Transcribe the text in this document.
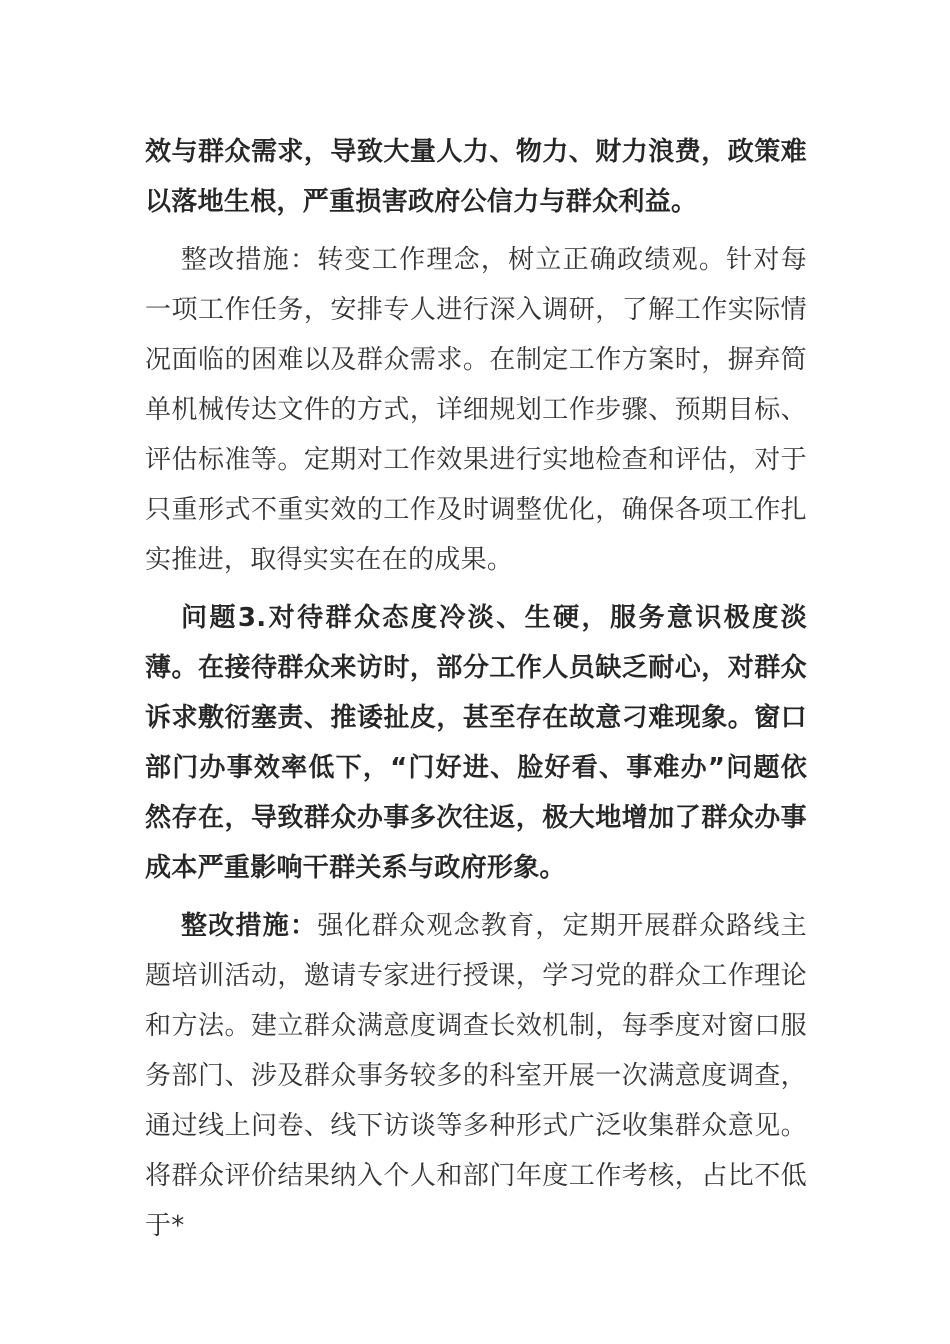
效与群众需求，导致大量人力、物力、财力浪费，政策难以落地生根，严重损害政府公信力与群众利益。

整改措施：转变工作理念，树立正确政绩观。针对每一项工作任务，安排专人进行深入调研，了解工作实际情况面临的困难以及群众需求。在制定工作方案时，摒弃简单机械传达文件的方式，详细规划工作步骤、预期目标、评估标准等。定期对工作效果进行实地检查和评估，对于只重形式不重实效的工作及时调整优化，确保各项工作扎实推进，取得实实在在的成果。

问题3.对待群众态度冷淡、生硬，服务意识极度淡薄。在接待群众来访时，部分工作人员缺乏耐心，对群众诉求敷衍塞责、推诿扯皮，甚至存在故意刁难现象。窗口部门办事效率低下，“门好进、脸好看、事难办”问题依然存在，导致群众办事多次往返，极大地增加了群众办事成本严重影响干群关系与政府形象。

整改措施：强化群众观念教育，定期开展群众路线主题培训活动，邀请专家进行授课，学习党的群众工作理论和方法。建立群众满意度调查长效机制，每季度对窗口服务部门、涉及群众事务较多的科室开展一次满意度调查，通过线上问卷、线下访谈等多种形式广泛收集群众意见。将群众评价结果纳入个人和部门年度工作考核，占比不低于*
